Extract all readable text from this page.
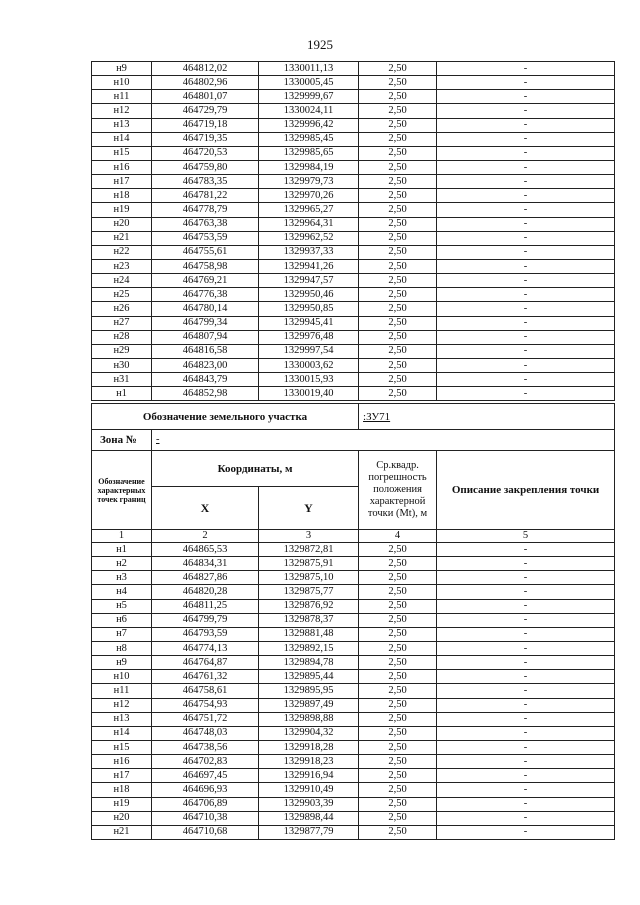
1925
н9	464812,02	1330011,13	2,50	-
н10	464802,96	1330005,45	2,50	-
н11	464801,07	1329999,67	2,50	-
н12	464729,79	1330024,11	2,50	-
н13	464719,18	1329996,42	2,50	-
н14	464719,35	1329985,45	2,50	-
н15	464720,53	1329985,65	2,50	-
н16	464759,80	1329984,19	2,50	-
н17	464783,35	1329979,73	2,50	-
н18	464781,22	1329970,26	2,50	-
н19	464778,79	1329965,27	2,50	-
н20	464763,38	1329964,31	2,50	-
н21	464753,59	1329962,52	2,50	-
н22	464755,61	1329937,33	2,50	-
н23	464758,98	1329941,26	2,50	-
н24	464769,21	1329947,57	2,50	-
н25	464776,38	1329950,46	2,50	-
н26	464780,14	1329950,85	2,50	-
н27	464799,34	1329945,41	2,50	-
н28	464807,94	1329976,48	2,50	-
н29	464816,58	1329997,54	2,50	-
н30	464823,00	1330003,62	2,50	-
н31	464843,79	1330015,93	2,50	-
н1	464852,98	1330019,40	2,50	-
Обозначение земельного участка			:ЗУ71	
Зона №	-			
Обозначение характерных точек границ	Координаты, м		Ср.квадр. погрешность положения характерной точки (Мt), м	Описание закрепления точки
	X	Y		
1	2	3	4	5
н1	464865,53	1329872,81	2,50	-
н2	464834,31	1329875,91	2,50	-
н3	464827,86	1329875,10	2,50	-
н4	464820,28	1329875,77	2,50	-
н5	464811,25	1329876,92	2,50	-
н6	464799,79	1329878,37	2,50	-
н7	464793,59	1329881,48	2,50	-
н8	464774,13	1329892,15	2,50	-
н9	464764,87	1329894,78	2,50	-
н10	464761,32	1329895,44	2,50	-
н11	464758,61	1329895,95	2,50	-
н12	464754,93	1329897,49	2,50	-
н13	464751,72	1329898,88	2,50	-
н14	464748,03	1329904,32	2,50	-
н15	464738,56	1329918,28	2,50	-
н16	464702,83	1329918,23	2,50	-
н17	464697,45	1329916,94	2,50	-
н18	464696,93	1329910,49	2,50	-
н19	464706,89	1329903,39	2,50	-
н20	464710,38	1329898,44	2,50	-
н21	464710,68	1329877,79	2,50	-
